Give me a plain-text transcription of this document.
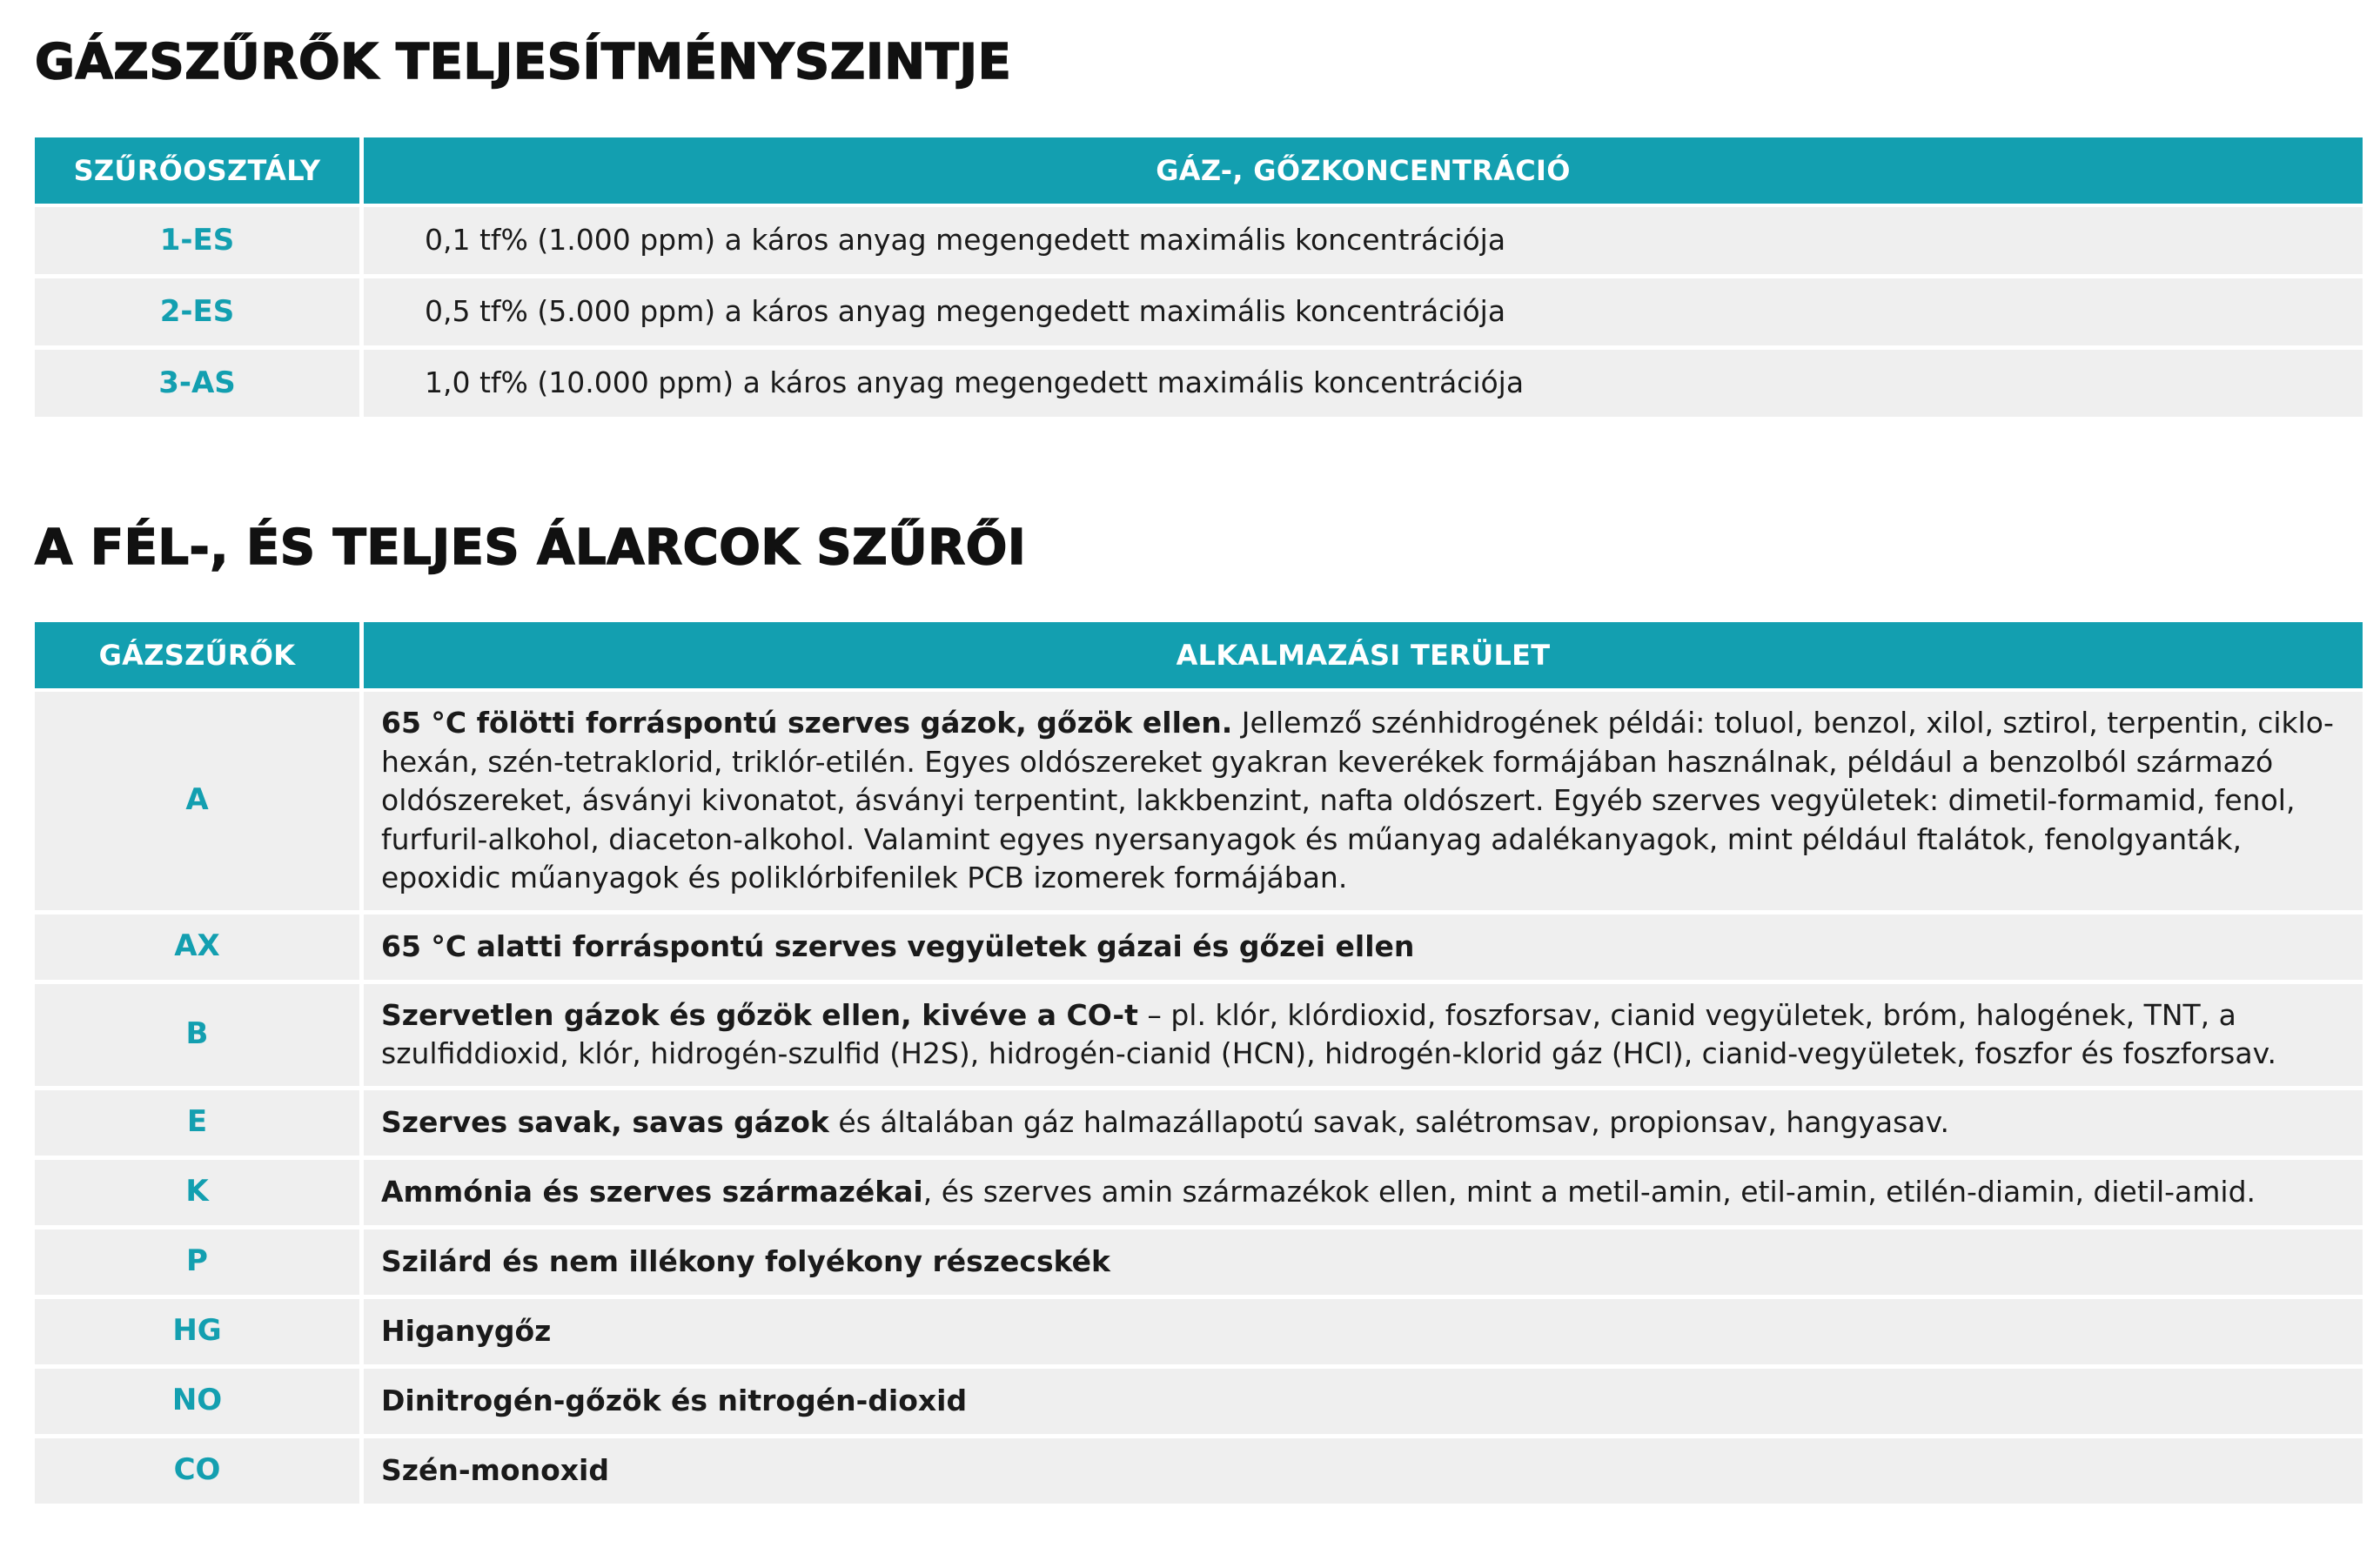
GÁZSZŰRŐK TELJESÍTMÉNYSZINTJE
SZŰRŐOSZTÁLY	GÁZ-, GŐZKONCENTRÁCIÓ
1-ES	0,1 tf% (1.000 ppm) a káros anyag megengedett maximális koncentrációja
2-ES	0,5 tf% (5.000 ppm) a káros anyag megengedett maximális koncentrációja
3-AS	1,0 tf% (10.000 ppm) a káros anyag megengedett maximális koncentrációja
A FÉL-, ÉS TELJES ÁLARCOK SZŰRŐI
GÁZSZŰRŐK	ALKALMAZÁSI TERÜLET
A	65 °C fölötti forráspontú szerves gázok, gőzök ellen. Jellemző szénhidrogének példái: toluol, benzol, xilol, sztirol, terpentin, ciklohexán, szén-tetraklorid, triklór-etilén. Egyes oldószereket gyakran keverékek formájában használnak, például a benzolból származó oldószereket, ásványi kivonatot, ásványi terpentint, lakkbenzint, nafta oldószert. Egyéb szerves vegyületek: dimetil-formamid, fenol, furfuril-alkohol, diaceton-alkohol. Valamint egyes nyersanyagok és műanyag adalékanyagok, mint például ftalátok, fenolgyanták, epoxidic műanyagok és poliklórbifenilek PCB izomerek formájában.
AX	65 °C alatti forráspontú szerves vegyületek gázai és gőzei ellen
B	Szervetlen gázok és gőzök ellen, kivéve a CO-t – pl. klór, klórdioxid, foszforsav, cianid vegyületek, bróm, halogének, TNT, a szulfiddioxid, klór, hidrogén-szulfid (H2S), hidrogén-cianid (HCN), hidrogén-klorid gáz (HCl), cianid-vegyületek, foszfor és foszforsav.
E	Szerves savak, savas gázok és általában gáz halmazállapotú savak, salétromsav, propionsav, hangyasav.
K	Ammónia és szerves származékai, és szerves amin származékok ellen, mint a metil-amin, etil-amin, etilén-diamin, dietil-amid.
P	Szilárd és nem illékony folyékony részecskék
HG	Higanygőz
NO	Dinitrogén-gőzök és nitrogén-dioxid
CO	Szén-monoxid
